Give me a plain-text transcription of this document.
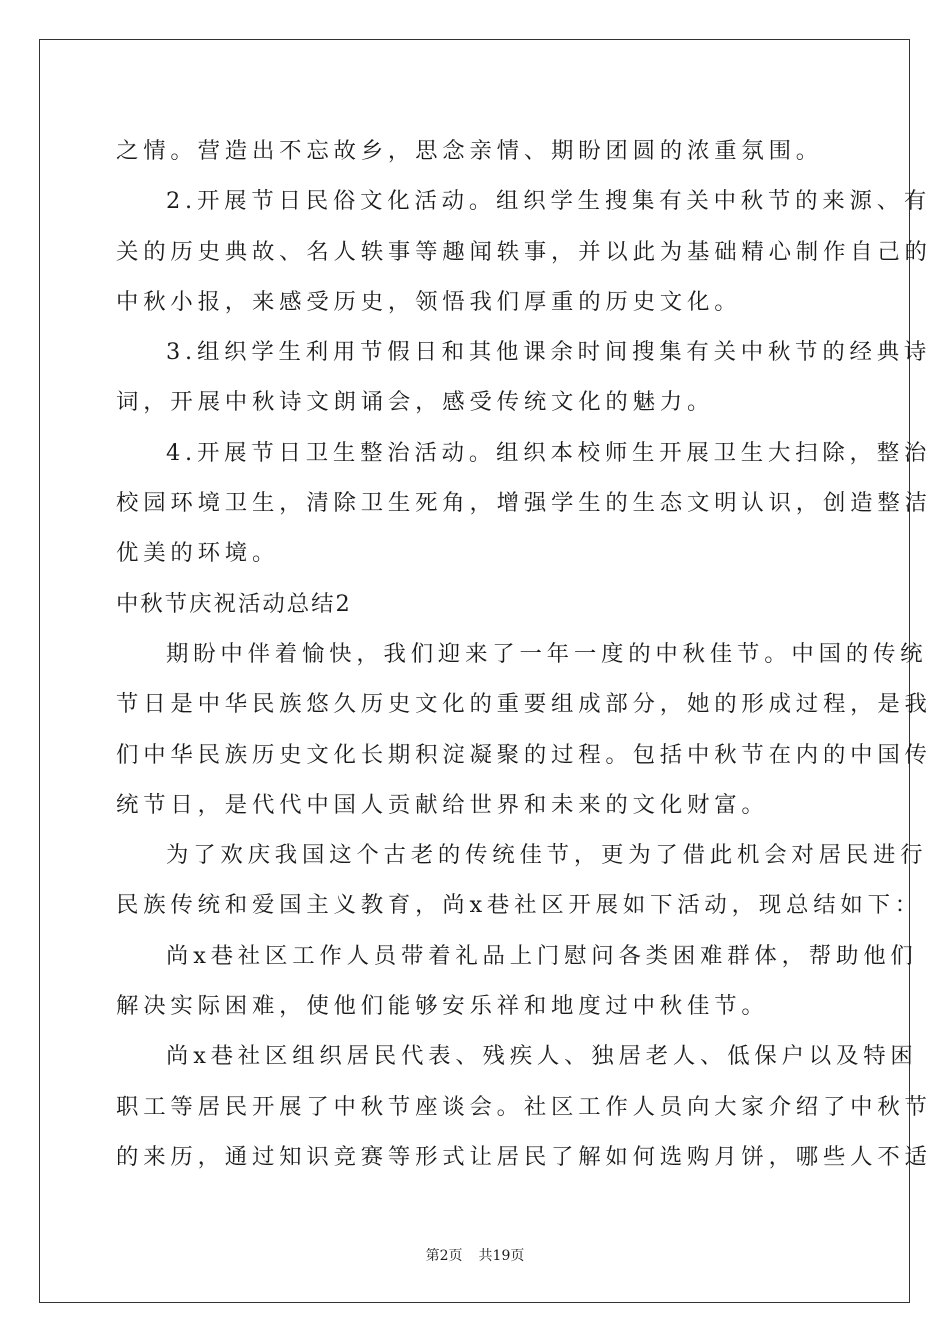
之情。营造出不忘故乡，思念亲情、期盼团圆的浓重氛围。
2.开展节日民俗文化活动。组织学生搜集有关中秋节的来源、有
关的历史典故、名人轶事等趣闻轶事，并以此为基础精心制作自己的
中秋小报，来感受历史，领悟我们厚重的历史文化。
3.组织学生利用节假日和其他课余时间搜集有关中秋节的经典诗
词，开展中秋诗文朗诵会，感受传统文化的魅力。
4.开展节日卫生整治活动。组织本校师生开展卫生大扫除，整治
校园环境卫生，清除卫生死角，增强学生的生态文明认识，创造整洁
优美的环境。
中秋节庆祝活动总结2
期盼中伴着愉快，我们迎来了一年一度的中秋佳节。中国的传统
节日是中华民族悠久历史文化的重要组成部分，她的形成过程，是我
们中华民族历史文化长期积淀凝聚的过程。包括中秋节在内的中国传
统节日，是代代中国人贡献给世界和未来的文化财富。
为了欢庆我国这个古老的传统佳节，更为了借此机会对居民进行
民族传统和爱国主义教育，尚x巷社区开展如下活动，现总结如下：
尚x巷社区工作人员带着礼品上门慰问各类困难群体，帮助他们
解决实际困难，使他们能够安乐祥和地度过中秋佳节。
尚x巷社区组织居民代表、残疾人、独居老人、低保户以及特困
职工等居民开展了中秋节座谈会。社区工作人员向大家介绍了中秋节
的来历，通过知识竞赛等形式让居民了解如何选购月饼，哪些人不适
第2页 共19页
